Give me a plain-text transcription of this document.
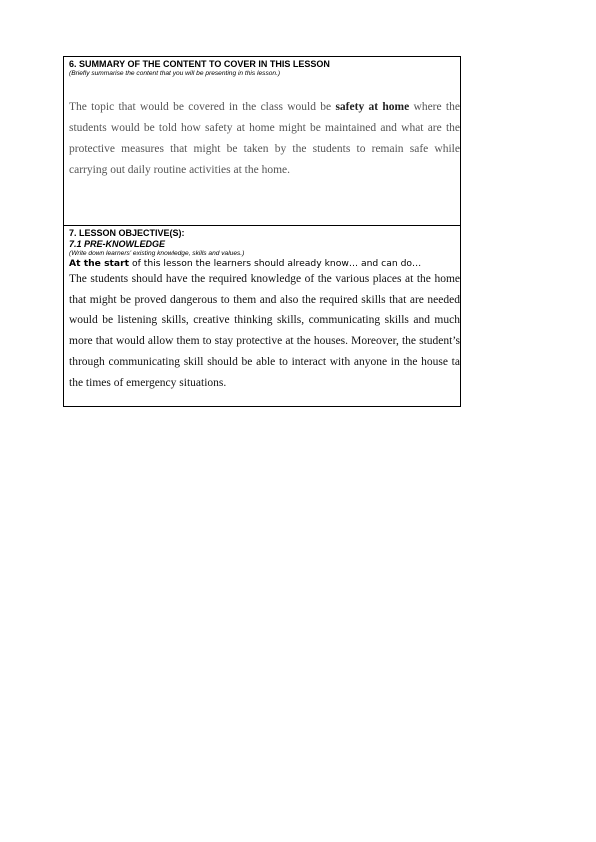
6. SUMMARY OF THE CONTENT TO COVER IN THIS LESSON

(Briefly summarise the content that you will be presenting in this lesson.)

The topic that would be covered in the class would be safety at home where the students would be told how safety at home might be maintained and what are the protective measures that might be taken by the students to remain safe while carrying out daily routine activities at the home.

7. LESSON OBJECTIVE(S):

7.1 PRE-KNOWLEDGE

(Write down learners' existing knowledge, skills and values.)

At the start of this lesson the learners should already know… and can do…

The students should have the required knowledge of the various places at the home that might be proved dangerous to them and also the required skills that are needed would be listening skills, creative thinking skills, communicating skills and much more that would allow them to stay protective at the houses. Moreover, the student’s through communicating skill should be able to interact with anyone in the house ta the times of emergency situations.
